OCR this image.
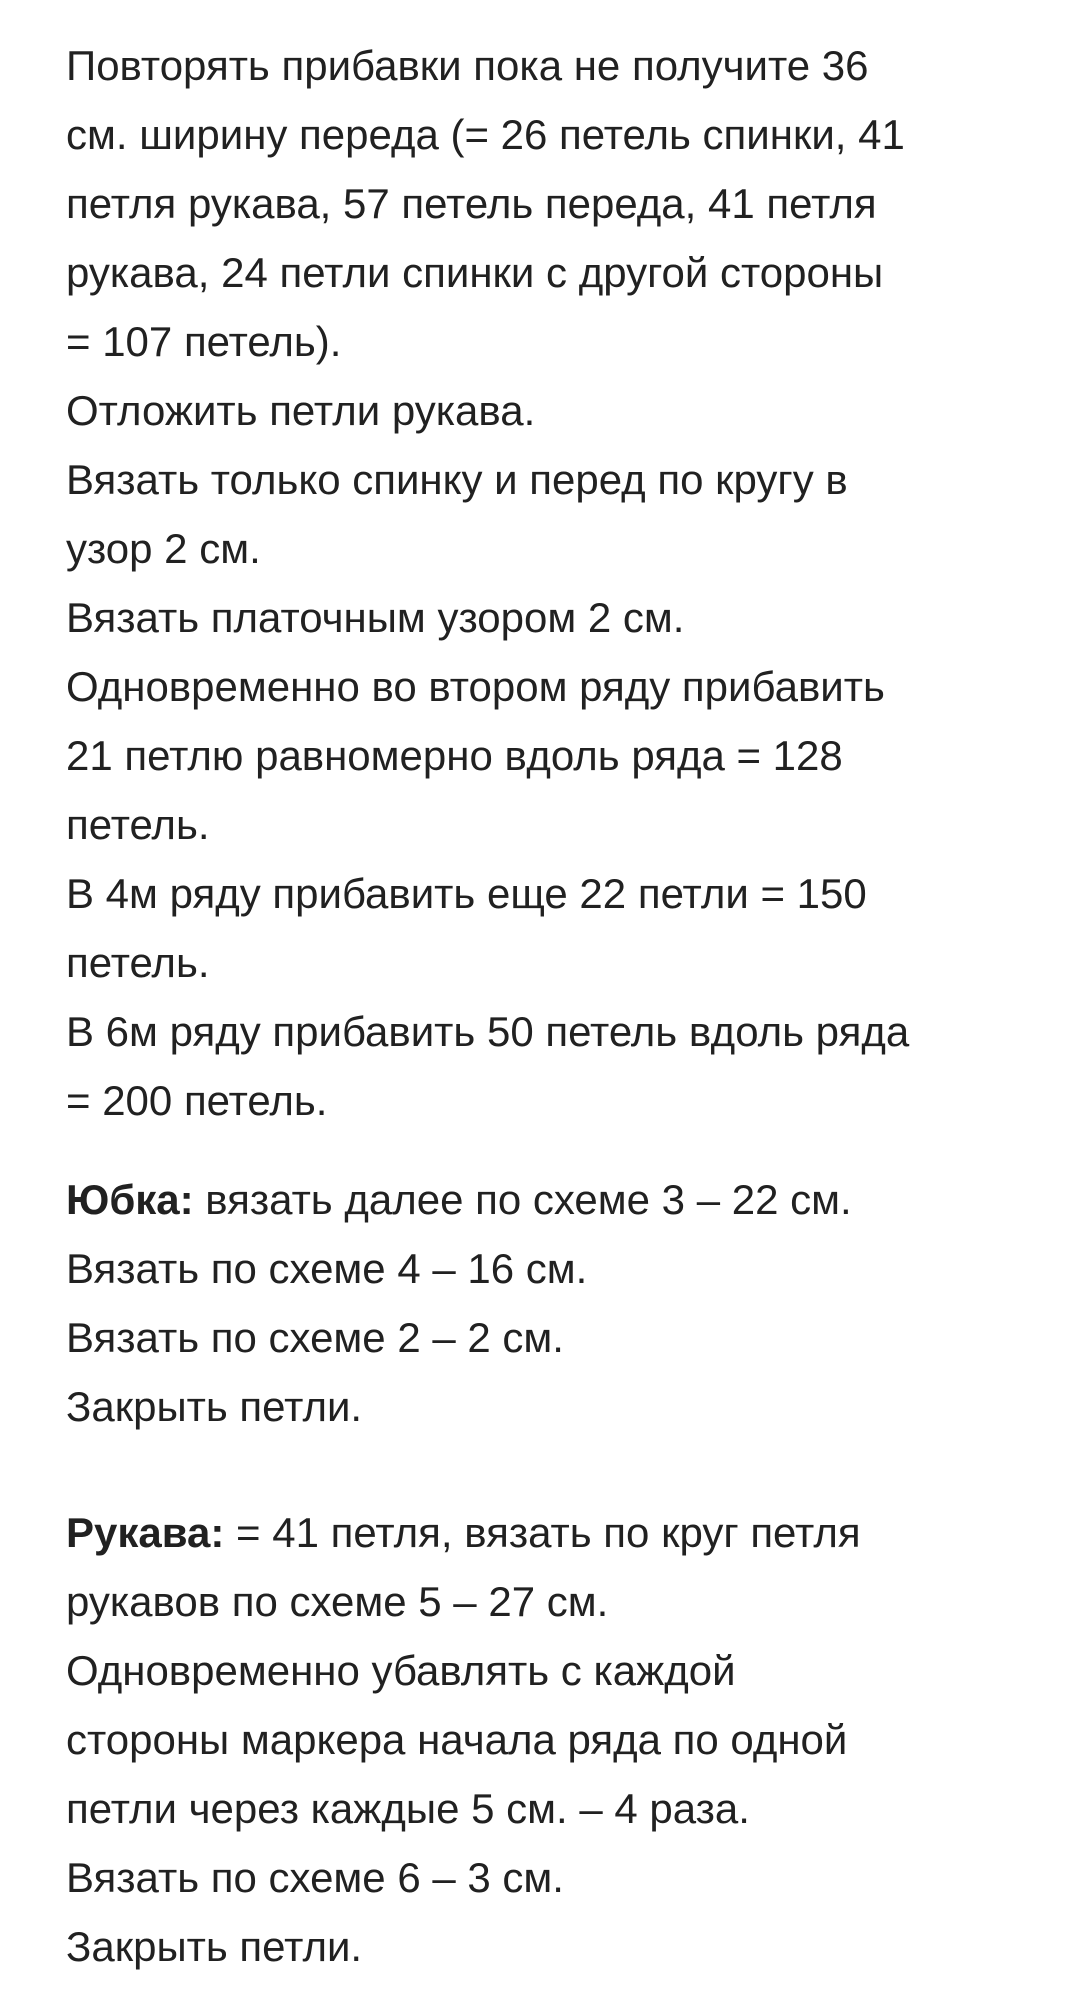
Повторять прибавки пока не получите 36
см. ширину переда (= 26 петель спинки, 41
петля рукава, 57 петель переда, 41 петля
рукава, 24 петли спинки с другой стороны
= 107 петель).
Отложить петли рукава.
Вязать только спинку и перед по кругу в
узор 2 см.
Вязать платочным узором 2 см.
Одновременно во втором ряду прибавить
21 петлю равномерно вдоль ряда = 128
петель.
В 4м ряду прибавить еще 22 петли = 150
петель.
В 6м ряду прибавить 50 петель вдоль ряда
= 200 петель.

Юбка: вязать далее по схеме 3 – 22 см.
Вязать по схеме 4 – 16 см.
Вязать по схеме 2 – 2 см.
Закрыть петли.

Рукава: = 41 петля, вязать по круг петля
рукавов по схеме 5 – 27 см.
Одновременно убавлять с каждой
стороны маркера начала ряда по одной
петли через каждые 5 см. – 4 раза.
Вязать по схеме 6 – 3 см.
Закрыть петли.
